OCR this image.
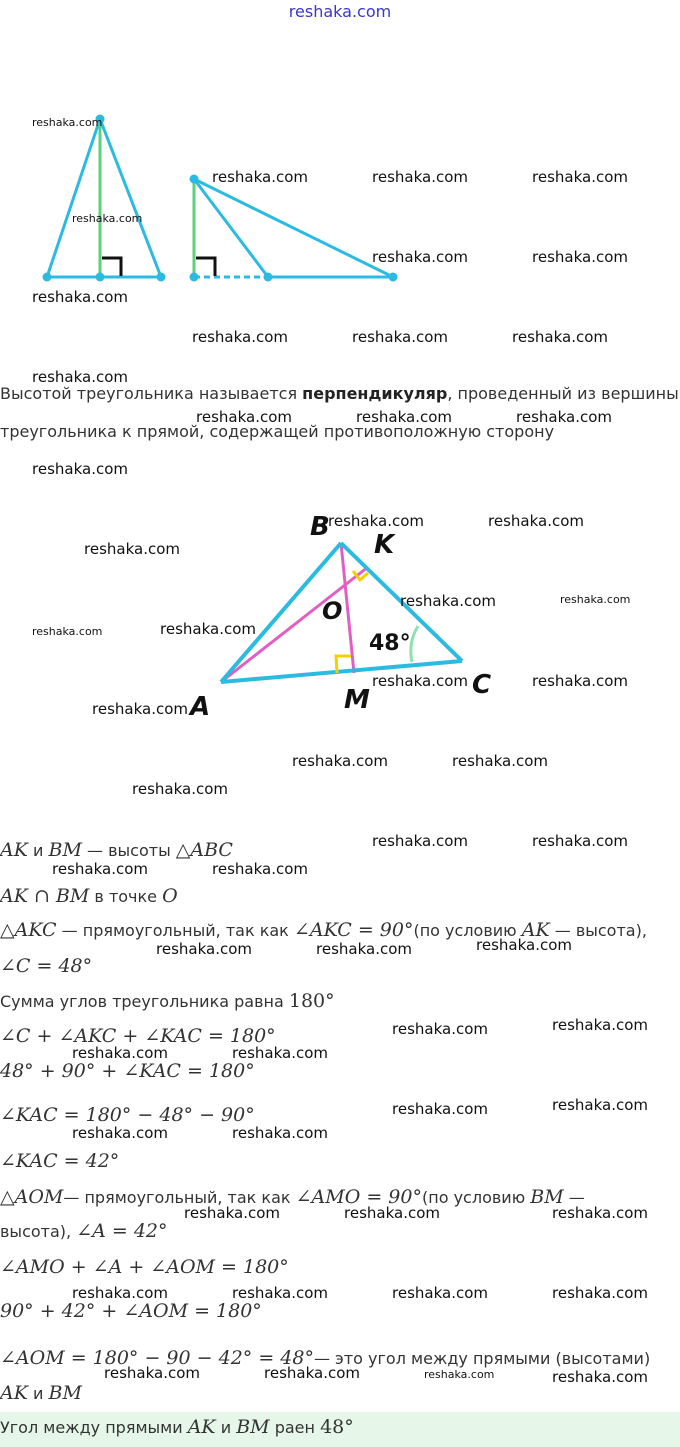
reshaka.com
Высотой треугольника называется перпендикуляр, проведенный из вершины
треугольника к прямой, содержащей противоположную сторону
B
K
O
C
A	M
48°
AK и BM — высоты △ABC
AK ∩ BM в точке O
△AKC — прямоугольный, так как ∠AKC = 90°(по условию AK — высота),
∠C = 48°
Сумма углов треугольника равна 180°
∠C + ∠AKC + ∠KAC = 180°
48° + 90° + ∠KAC = 180°
∠KAC = 180° − 48° − 90°
∠KAC = 42°
△AOM— прямоугольный, так как ∠AMO = 90°(по условию BM —
высота), ∠A = 42°
∠AMO + ∠A + ∠AOM = 180°
90° + 42° + ∠AOM = 180°
∠AOM = 180° − 90 − 42° = 48°— это угол между прямыми (высотами)
AK и BM
Угол между прямыми AK и BM раен 48°
reshaka.com
reshaka.com
reshaka.com	reshaka.com	reshaka.com
reshaka.com	reshaka.com
reshaka.com
reshaka.com	reshaka.com	reshaka.com
reshaka.com
reshaka.com	reshaka.com	reshaka.com
reshaka.com
reshaka.com	reshaka.com
reshaka.com
reshaka.com	reshaka.com
reshaka.com	reshaka.com
reshaka.com	reshaka.com
reshaka.com
reshaka.com	reshaka.com
reshaka.com
reshaka.com	reshaka.com
reshaka.com	reshaka.com
reshaka.com	reshaka.com	reshaka.com
reshaka.com	reshaka.com
reshaka.com	reshaka.com
reshaka.com	reshaka.com
reshaka.com	reshaka.com
reshaka.com	reshaka.com	reshaka.com
reshaka.com	reshaka.com	reshaka.com	reshaka.com
reshaka.com	reshaka.com	reshaka.com	reshaka.com
